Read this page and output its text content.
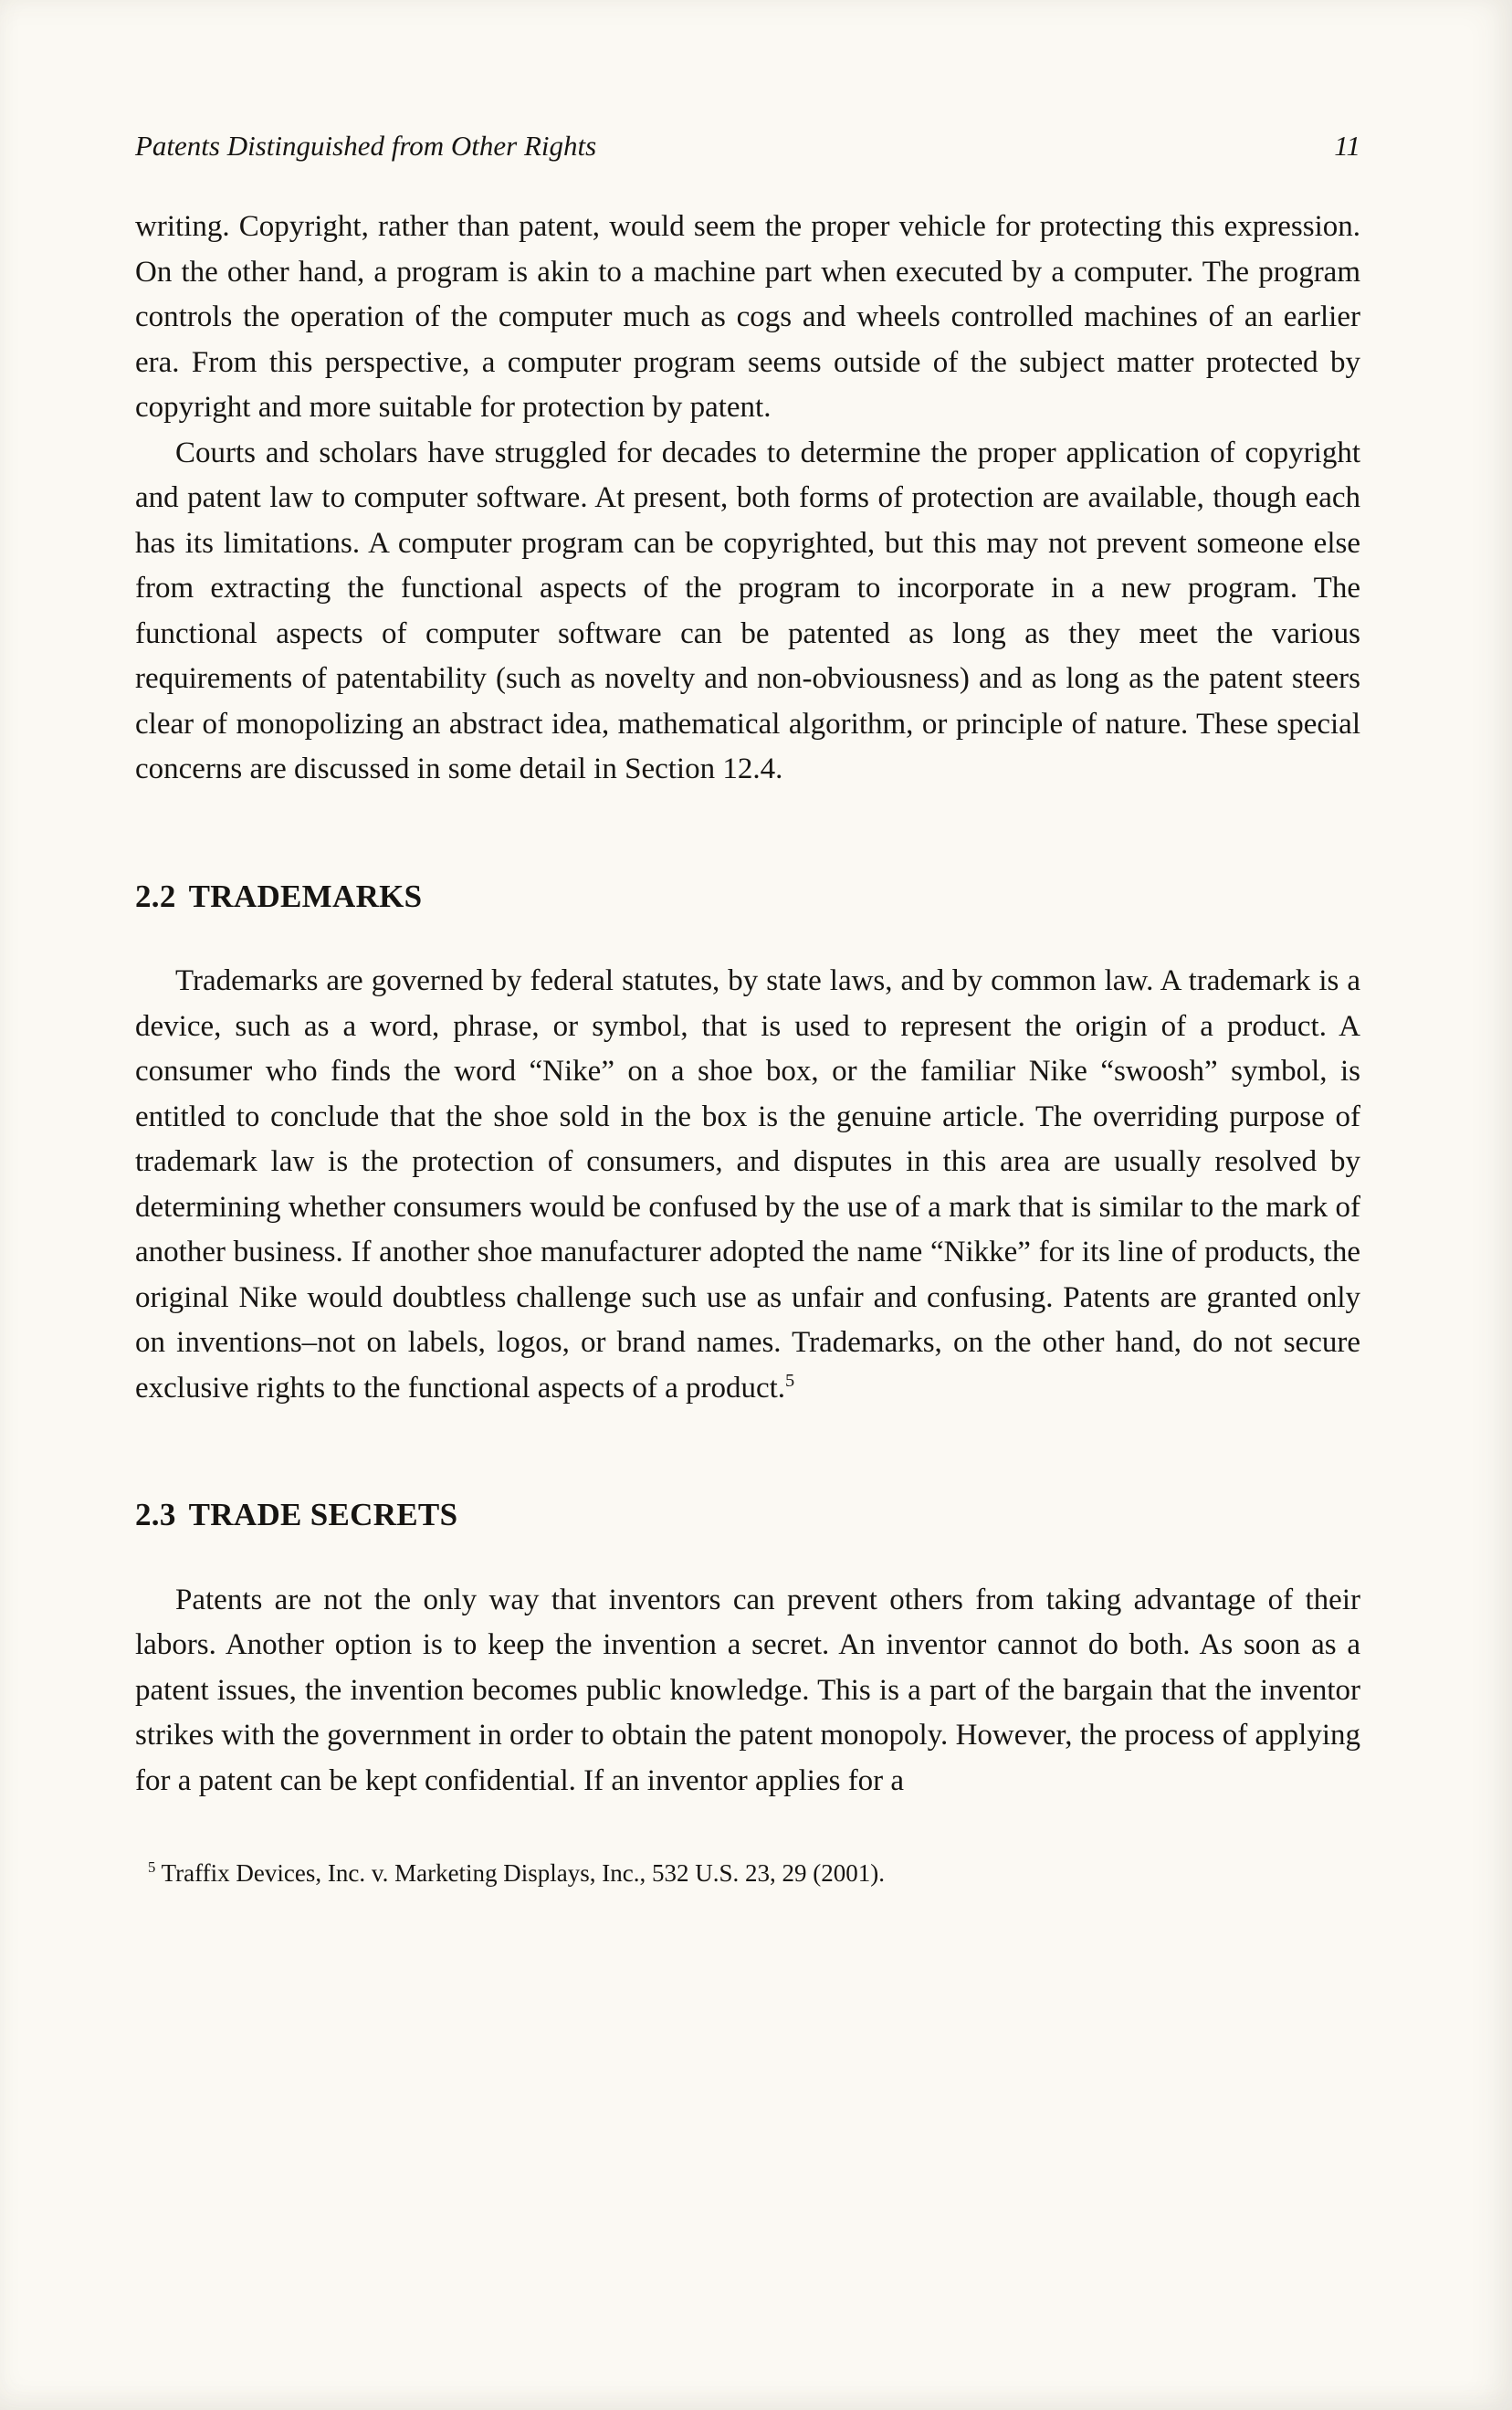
Patents Distinguished from Other Rights	11

writing. Copyright, rather than patent, would seem the proper vehicle for protecting this expression. On the other hand, a program is akin to a machine part when executed by a computer. The program controls the operation of the computer much as cogs and wheels controlled machines of an earlier era. From this perspective, a computer program seems outside of the subject matter protected by copyright and more suitable for protection by patent.

Courts and scholars have struggled for decades to determine the proper application of copyright and patent law to computer software. At present, both forms of protection are available, though each has its limitations. A computer program can be copyrighted, but this may not prevent someone else from extracting the functional aspects of the program to incorporate in a new program. The functional aspects of computer software can be patented as long as they meet the various requirements of patentability (such as novelty and non-obviousness) and as long as the patent steers clear of monopolizing an abstract idea, mathematical algorithm, or principle of nature. These special concerns are discussed in some detail in Section 12.4.

2.2 TRADEMARKS

Trademarks are governed by federal statutes, by state laws, and by common law. A trademark is a device, such as a word, phrase, or symbol, that is used to represent the origin of a product. A consumer who finds the word “Nike” on a shoe box, or the familiar Nike “swoosh” symbol, is entitled to conclude that the shoe sold in the box is the genuine article. The overriding purpose of trademark law is the protection of consumers, and disputes in this area are usually resolved by determining whether consumers would be confused by the use of a mark that is similar to the mark of another business. If another shoe manufacturer adopted the name “Nikke” for its line of products, the original Nike would doubtless challenge such use as unfair and confusing. Patents are granted only on inventions–not on labels, logos, or brand names. Trademarks, on the other hand, do not secure exclusive rights to the functional aspects of a product.$^5$

2.3 TRADE SECRETS

Patents are not the only way that inventors can prevent others from taking advantage of their labors. Another option is to keep the invention a secret. An inventor cannot do both. As soon as a patent issues, the invention becomes public knowledge. This is a part of the bargain that the inventor strikes with the government in order to obtain the patent monopoly. However, the process of applying for a patent can be kept confidential. If an inventor applies for a

$^5$ Traffix Devices, Inc. v. Marketing Displays, Inc., 532 U.S. 23, 29 (2001).
